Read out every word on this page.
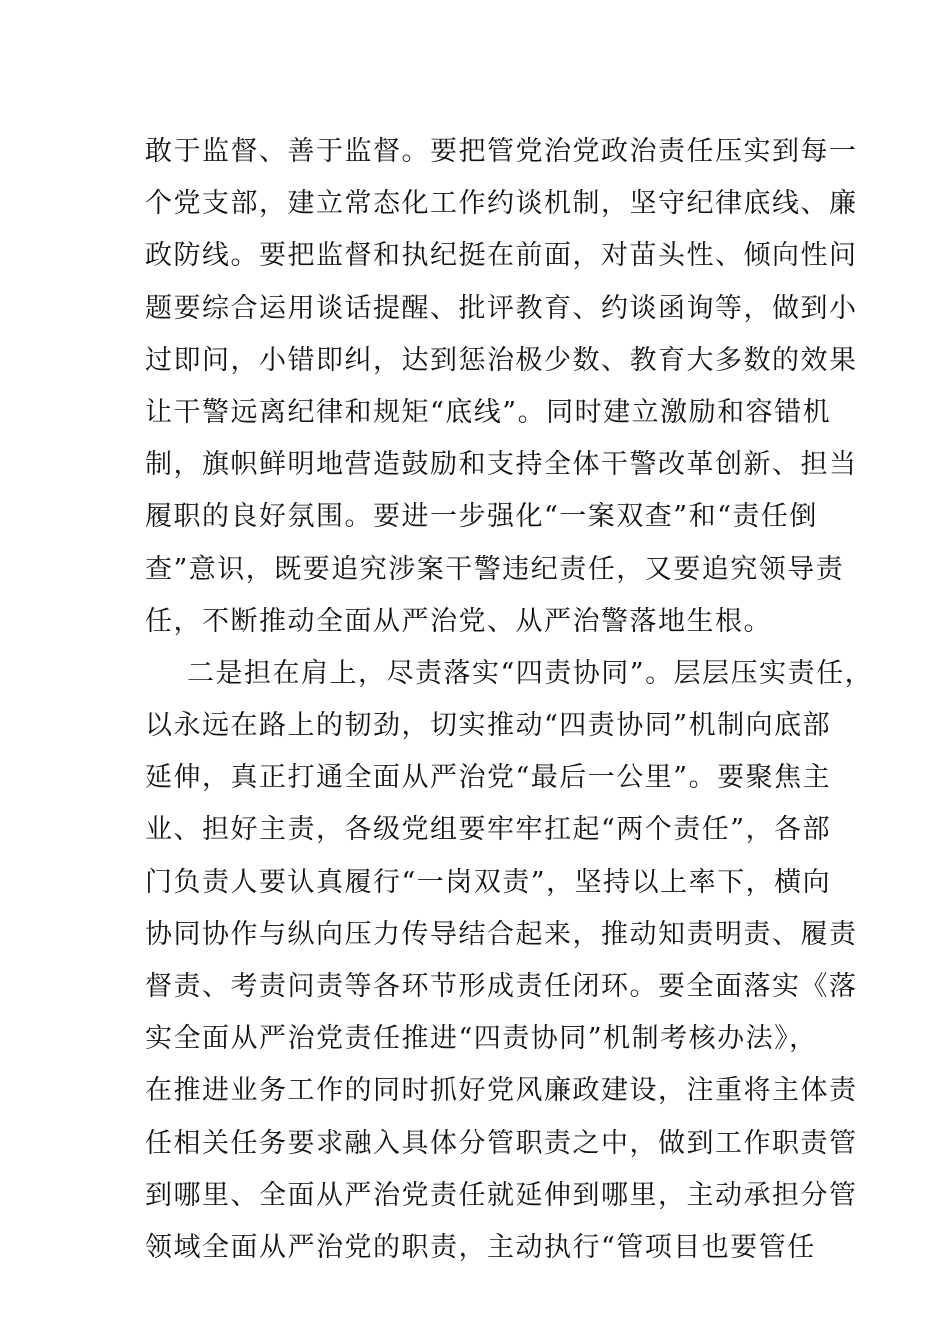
敢于监督、善于监督。要把管党治党政治责任压实到每一
个党支部，建立常态化工作约谈机制，坚守纪律底线、廉
政防线。要把监督和执纪挺在前面，对苗头性、倾向性问
题要综合运用谈话提醒、批评教育、约谈函询等，做到小
过即问，小错即纠，达到惩治极少数、教育大多数的效果
让干警远离纪律和规矩“底线”。同时建立激励和容错机
制，旗帜鲜明地营造鼓励和支持全体干警改革创新、担当
履职的良好氛围。要进一步强化“一案双查”和“责任倒
查”意识，既要追究涉案干警违纪责任，又要追究领导责
任，不断推动全面从严治党、从严治警落地生根。
二是担在肩上，尽责落实“四责协同”。层层压实责任，
以永远在路上的韧劲，切实推动“四责协同”机制向底部
延伸，真正打通全面从严治党“最后一公里”。要聚焦主
业、担好主责，各级党组要牢牢扛起“两个责任”，各部
门负责人要认真履行“一岗双责”，坚持以上率下，横向
协同协作与纵向压力传导结合起来，推动知责明责、履责
督责、考责问责等各环节形成责任闭环。要全面落实《落
实全面从严治党责任推进“四责协同”机制考核办法》，
在推进业务工作的同时抓好党风廉政建设，注重将主体责
任相关任务要求融入具体分管职责之中，做到工作职责管
到哪里、全面从严治党责任就延伸到哪里，主动承担分管
领域全面从严治党的职责，主动执行“管项目也要管任
